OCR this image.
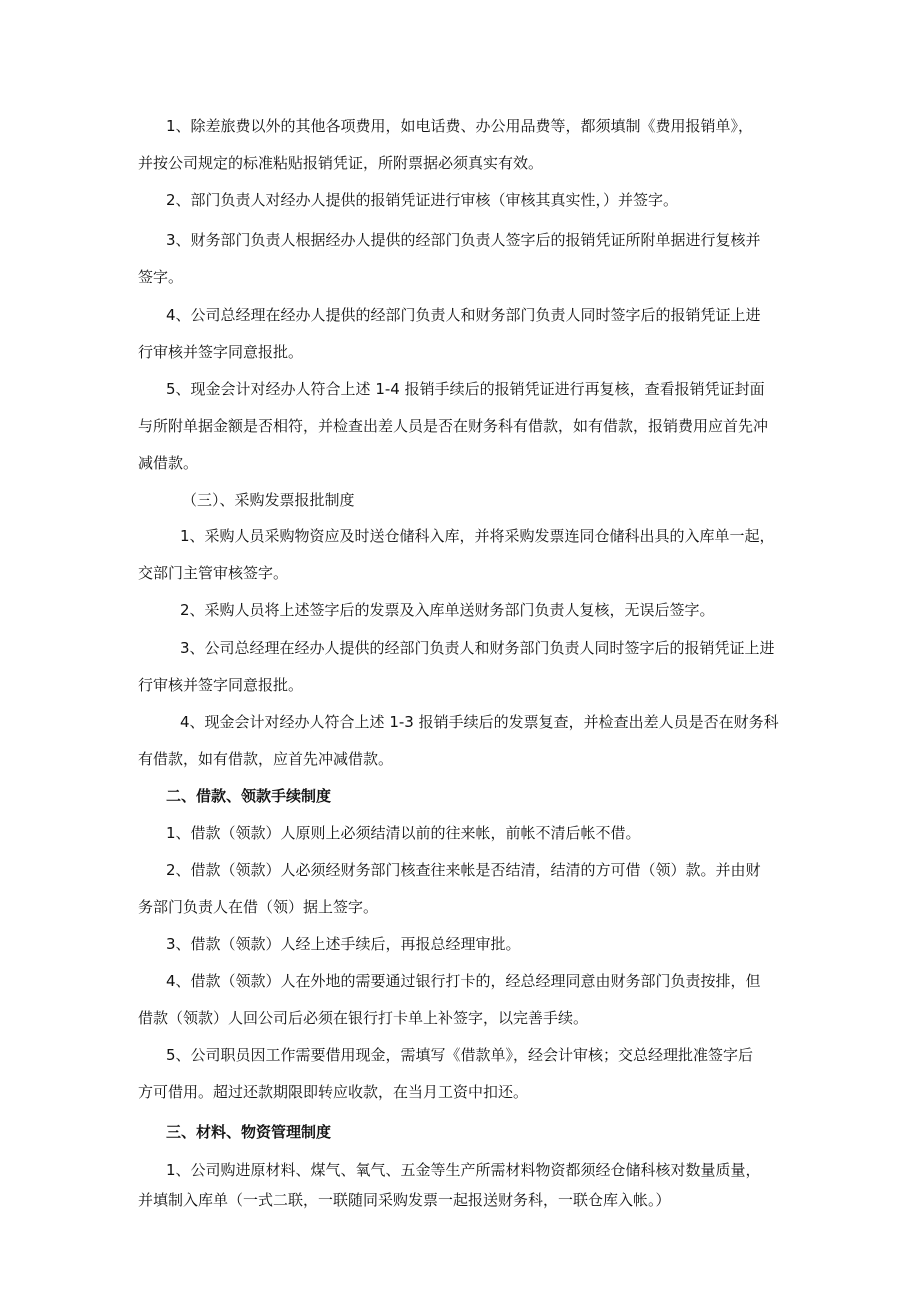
1、除差旅费以外的其他各项费用，如电话费、办公用品费等，都须填制《费用报销单》，
并按公司规定的标准粘贴报销凭证，所附票据必须真实有效。

2、部门负责人对经办人提供的报销凭证进行审核（审核其真实性，）并签字。

3、财务部门负责人根据经办人提供的经部门负责人签字后的报销凭证所附单据进行复核并
签字。

4、公司总经理在经办人提供的经部门负责人和财务部门负责人同时签字后的报销凭证上进
行审核并签字同意报批。

5、现金会计对经办人符合上述 1-4 报销手续后的报销凭证进行再复核，查看报销凭证封面
与所附单据金额是否相符，并检查出差人员是否在财务科有借款，如有借款，报销费用应首先冲
减借款。

（三）、采购发票报批制度

1、采购人员采购物资应及时送仓储科入库，并将采购发票连同仓储科出具的入库单一起，
交部门主管审核签字。

2、采购人员将上述签字后的发票及入库单送财务部门负责人复核，无误后签字。

3、公司总经理在经办人提供的经部门负责人和财务部门负责人同时签字后的报销凭证上进
行审核并签字同意报批。

4、现金会计对经办人符合上述 1-3 报销手续后的发票复查，并检查出差人员是否在财务科
有借款，如有借款，应首先冲减借款。

二、借款、领款手续制度

1、借款（领款）人原则上必须结清以前的往来帐，前帐不清后帐不借。

2、借款（领款）人必须经财务部门核查往来帐是否结清，结清的方可借（领）款。并由财
务部门负责人在借（领）据上签字。

3、借款（领款）人经上述手续后，再报总经理审批。

4、借款（领款）人在外地的需要通过银行打卡的，经总经理同意由财务部门负责按排，但
借款（领款）人回公司后必须在银行打卡单上补签字，以完善手续。

5、公司职员因工作需要借用现金，需填写《借款单》，经会计审核；交总经理批准签字后
方可借用。超过还款期限即转应收款，在当月工资中扣还。

三、材料、物资管理制度

1、公司购进原材料、煤气、氧气、五金等生产所需材料物资都须经仓储科核对数量质量，
并填制入库单（一式二联，一联随同采购发票一起报送财务科，一联仓库入帐。）
